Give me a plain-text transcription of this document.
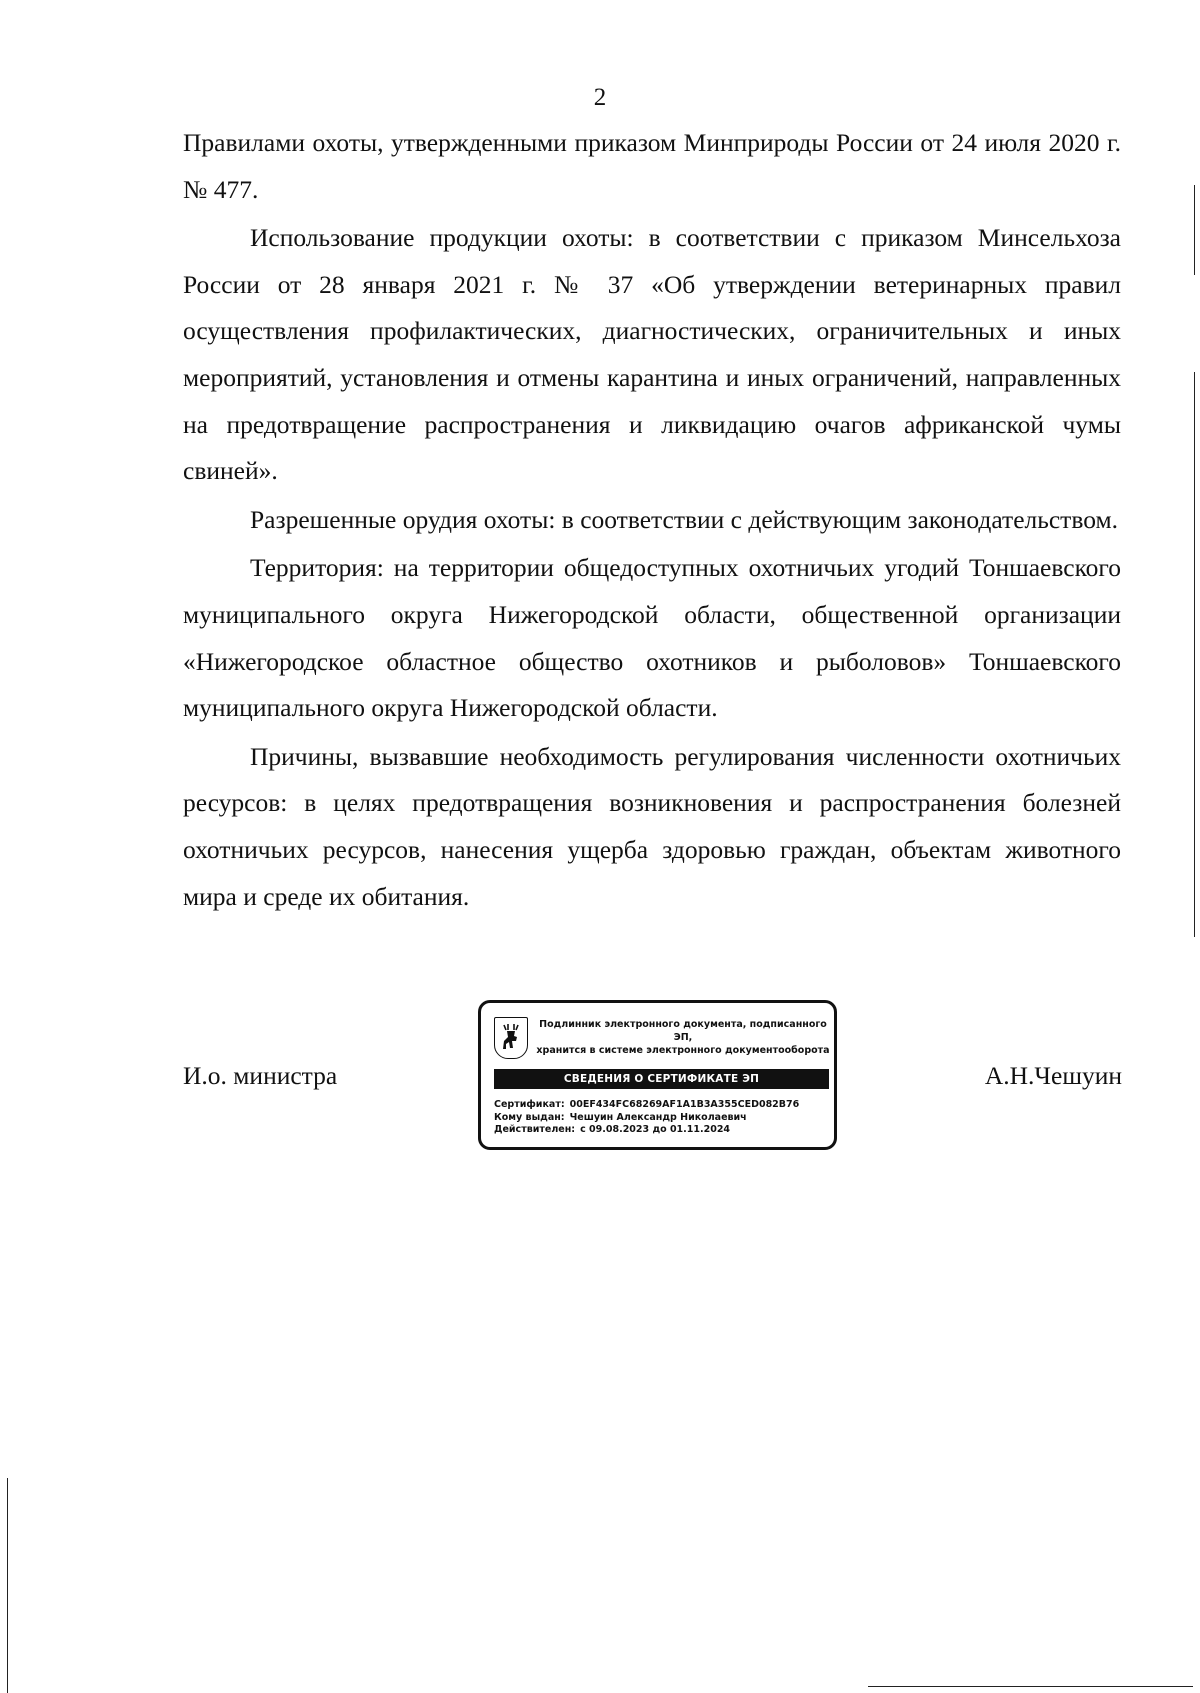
2

Правилами охоты, утвержденными приказом Минприроды России от 24 июля 2020 г. № 477.

Использование продукции охоты: в соответствии с приказом Минсельхоза России от 28 января 2021 г. № 37 «Об утверждении ветеринарных правил осуществления профилактических, диагностических, ограничительных и иных мероприятий, установления и отмены карантина и иных ограничений, направленных на предотвращение распространения и ликвидацию очагов африканской чумы свиней».

Разрешенные орудия охоты: в соответствии с действующим законодательством.

Территория: на территории общедоступных охотничьих угодий Тоншаевского муниципального округа Нижегородской области, общественной организации «Нижегородское областное общество охотников и рыболовов» Тоншаевского муниципального округа Нижегородской области.

Причины, вызвавшие необходимость регулирования численности охотничьих ресурсов: в целях предотвращения возникновения и распространения болезней охотничьих ресурсов, нанесения ущерба здоровью граждан, объектам животного мира и среде их обитания.

И.о. министра
Подлинник электронного документа, подписанного ЭП,
хранится в системе электронного документооборота
СВЕДЕНИЯ О СЕРТИФИКАТЕ ЭП
Сертификат: 00EF434FC68269AF1A1B3A355CED082B76
Кому выдан: Чешуин Александр Николаевич
Действителен: с 09.08.2023 до 01.11.2024
А.Н.Чешуин
